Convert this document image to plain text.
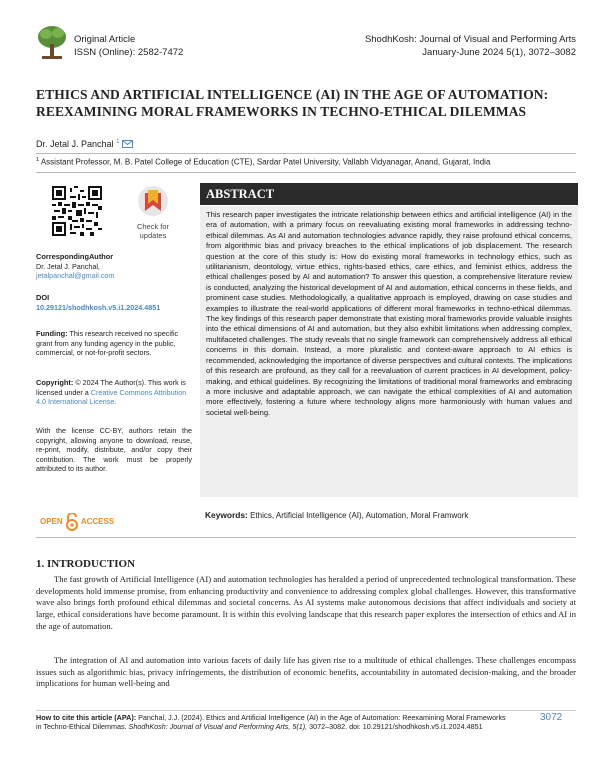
Original Article
ISSN (Online): 2582-7472
ShodhKosh: Journal of Visual and Performing Arts
January-June 2024 5(1), 3072–3082
ETHICS AND ARTIFICIAL INTELLIGENCE (AI) IN THE AGE OF AUTOMATION:
REEXAMINING MORAL FRAMEWORKS IN TECHNO-ETHICAL DILEMMAS
Dr. Jetal J. Panchal $^1$
$^1$ Assistant Professor, M. B. Patel College of Education (CTE), Sardar Patel University, Vallabh Vidyanagar, Anand, Gujarat, India
Check for
updates
CorrespondingAuthor
Dr. Jetal J. Panchal,
jetalpanchal@gmail.com
DOI
10.29121/shodhkosh.v5.i1.2024.4851
Funding: This research received no specific grant from any funding agency in the public, commercial, or not-for-profit sectors.
Copyright: © 2024 The Author(s). This work is licensed under a Creative Commons Attribution 4.0 International License.
With the license CC-BY, authors retain the copyright, allowing anyone to download, reuse, re-print, modify, distribute, and/or copy their contribution. The work must be properly attributed to its author.
OPEN ACCESS
ABSTRACT
This research paper investigates the intricate relationship between ethics and artificial intelligence (AI) in the era of automation, with a primary focus on reevaluating existing moral frameworks in addressing techno-ethical dilemmas. As AI and automation technologies advance rapidly, they raise profound ethical concerns, from algorithmic bias and privacy breaches to the ethical implications of job displacement. The research question at the core of this study is: How do existing moral frameworks in technology ethics, such as utilitarianism, deontology, virtue ethics, rights-based ethics, care ethics, and feminist ethics, address the ethical challenges posed by AI and automation? To answer this question, a comprehensive literature review is conducted, analyzing the historical development of AI and automation, ethical concerns in these fields, and prominent case studies. Methodologically, a qualitative approach is employed, drawing on case studies and examples to illustrate the real-world applications of different moral frameworks in techno-ethical dilemmas. The key findings of this research paper demonstrate that existing moral frameworks provide valuable insights into the ethical dimensions of AI and automation, but they also exhibit limitations when addressing complex, multifaceted challenges. The study reveals that no single framework can comprehensively address all ethical concerns in this domain. Instead, a more pluralistic and context-aware approach to AI ethics is recommended, acknowledging the importance of diverse perspectives and cultural contexts. The implications of this research are profound, as they call for a reevaluation of current practices in AI development, policy-making, and ethical guidelines. By recognizing the limitations of traditional moral frameworks and embracing a more inclusive and adaptable approach, we can navigate the ethical complexities of AI and automation more effectively, fostering a future where technology aligns more harmoniously with human values and societal well-being.
Keywords: Ethics, Artificial Intelligence (AI), Automation, Moral Framwork
1. INTRODUCTION
The fast growth of Artificial Intelligence (AI) and automation technologies has heralded a period of unprecedented technological transformation. These developments hold immense promise, from enhancing productivity and convenience to addressing complex global challenges. However, this transformative wave also brings forth profound ethical dilemmas and societal concerns. As AI systems make autonomous decisions that affect individuals and society at large, ethical considerations have become paramount. It is within this evolving landscape that this research paper explores the intersection of ethics and AI in the age of automation.
The integration of AI and automation into various facets of daily life has given rise to a multitude of ethical challenges. These challenges encompass issues such as algorithmic bias, privacy infringements, the distribution of economic benefits, accountability in automated decision-making, and the broader implications for human well-being and
How to cite this article (APA): Panchal, J.J. (2024). Ethics and Artificial Intelligence (AI) in the Age of Automation: Reexamining Moral Frameworks in Techno-Ethical Dilemmas. ShodhKosh: Journal of Visual and Performing Arts, 5(1), 3072–3082. doi: 10.29121/shodhkosh.v5.i1.2024.4851
3072
